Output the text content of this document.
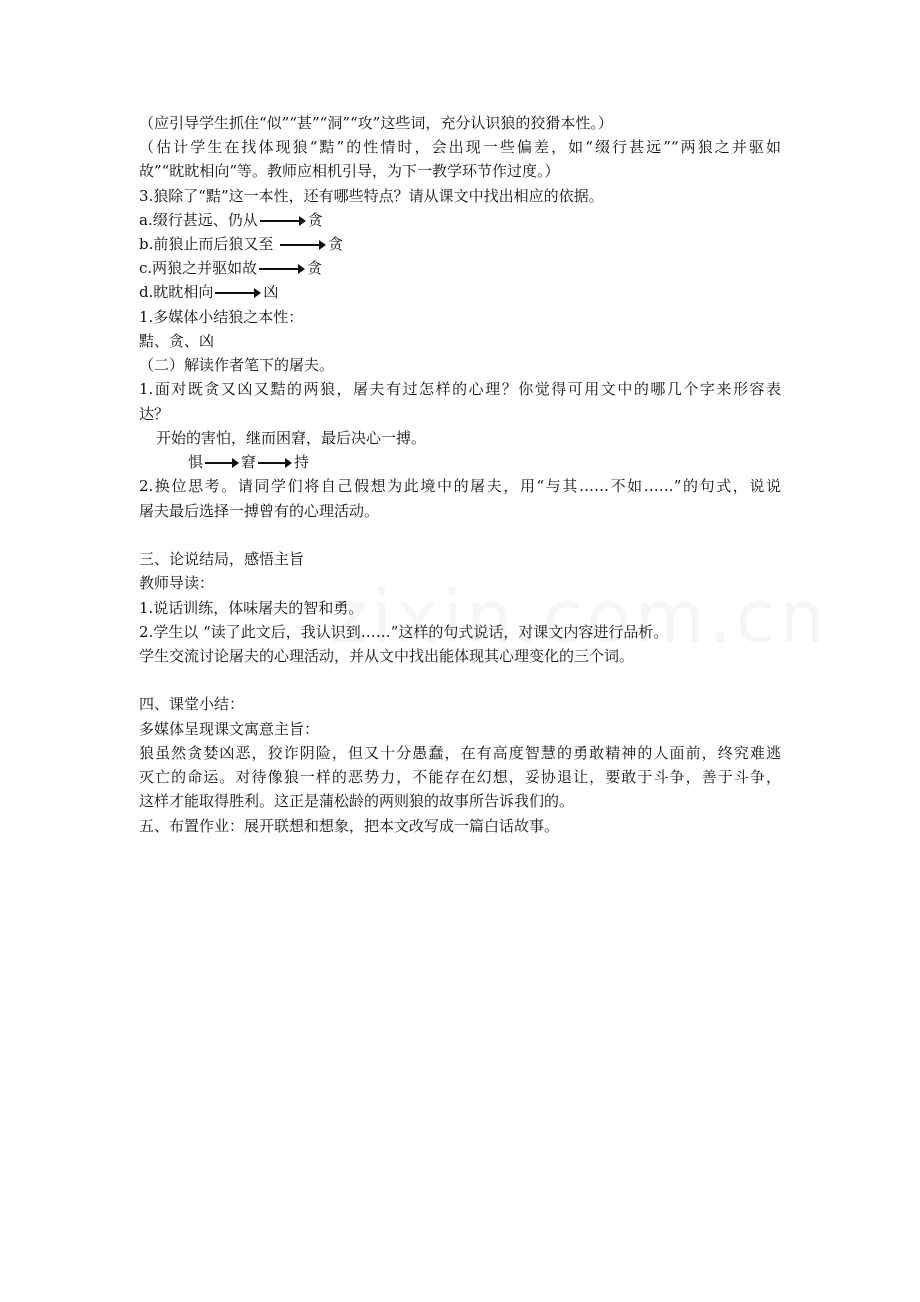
（应引导学生抓住“似”“甚”“洞”“攻”这些词，充分认识狼的狡猾本性。）
（估计学生在找体现狼“黠”的性情时，会出现一些偏差，如“缀行甚远”“两狼之并驱如
故”“眈眈相向”等。教师应相机引导，为下一教学环节作过度。）
3.狼除了“黠”这一本性，还有哪些特点？请从课文中找出相应的依据。
a.缀行甚远、仍从	贪
b.前狼止而后狼又至	贪
c.两狼之并驱如故	贪
d.眈眈相向	凶
1.多媒体小结狼之本性：
黠、贪、凶
（二）解读作者笔下的屠夫。
1.面对既贪又凶又黠的两狼，屠夫有过怎样的心理？你觉得可用文中的哪几个字来形容表
达？
开始的害怕，继而困窘，最后决心一搏。
惧	窘	持
2.换位思考。请同学们将自己假想为此境中的屠夫，用“与其……不如……”的句式，说说
屠夫最后选择一搏曾有的心理活动。
三、论说结局，感悟主旨
教师导读：
1.说话训练，体味屠夫的智和勇。
2.学生以 “读了此文后，我认识到……”这样的句式说话，对课文内容进行品析。
学生交流讨论屠夫的心理活动，并从文中找出能体现其心理变化的三个词。
四、课堂小结：
多媒体呈现课文寓意主旨：
狼虽然贪婪凶恶，狡诈阴险，但又十分愚蠢，在有高度智慧的勇敢精神的人面前，终究难逃
灭亡的命运。对待像狼一样的恶势力，不能存在幻想，妥协退让，要敢于斗争，善于斗争，
这样才能取得胜利。这正是蒲松龄的两则狼的故事所告诉我们的。
五、布置作业：展开联想和想象，把本文改写成一篇白话故事。
